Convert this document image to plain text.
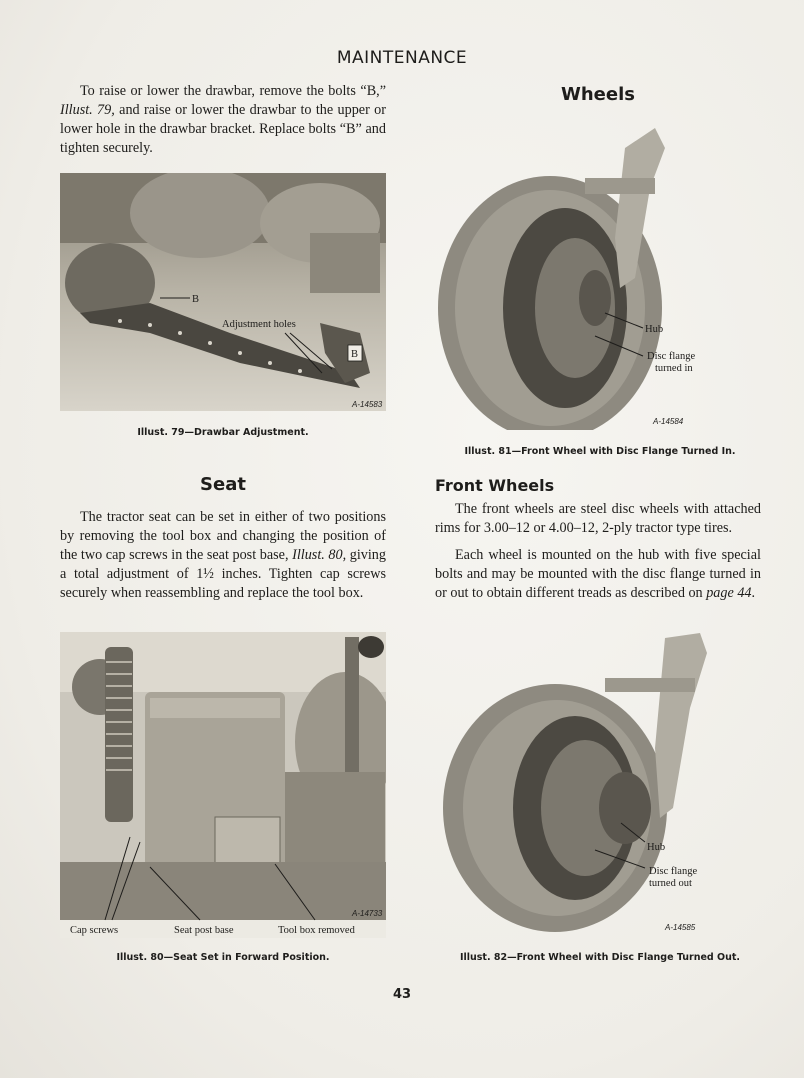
MAINTENANCE

To raise or lower the drawbar, remove the bolts “B,” Illust. 79, and raise or lower the drawbar to the upper or lower hole in the drawbar bracket. Replace bolts “B” and tighten securely.

B
Adjustment holes
B
A-14583
Illust. 79—Drawbar Adjustment.
Seat

The tractor seat can be set in either of two positions by removing the tool box and changing the position of the two cap screws in the seat post base, Illust. 80, giving a total adjustment of 1½ inches. Tighten cap screws securely when reassembling and replace the tool box.

Cap screws	Seat post base	Tool box removed
A-14733
Illust. 80—Seat Set in Forward Position.
Wheels
Hub
Disc flange
turned in
A-14584
Illust. 81—Front Wheel with Disc Flange Turned In.
Front Wheels

The front wheels are steel disc wheels with attached rims for 3.00–12 or 4.00–12, 2-ply tractor type tires.

Each wheel is mounted on the hub with five special bolts and may be mounted with the disc flange turned in or out to obtain different treads as described on page 44.

Hub
Disc flange
turned out
A-14585
Illust. 82—Front Wheel with Disc Flange Turned Out.
43
